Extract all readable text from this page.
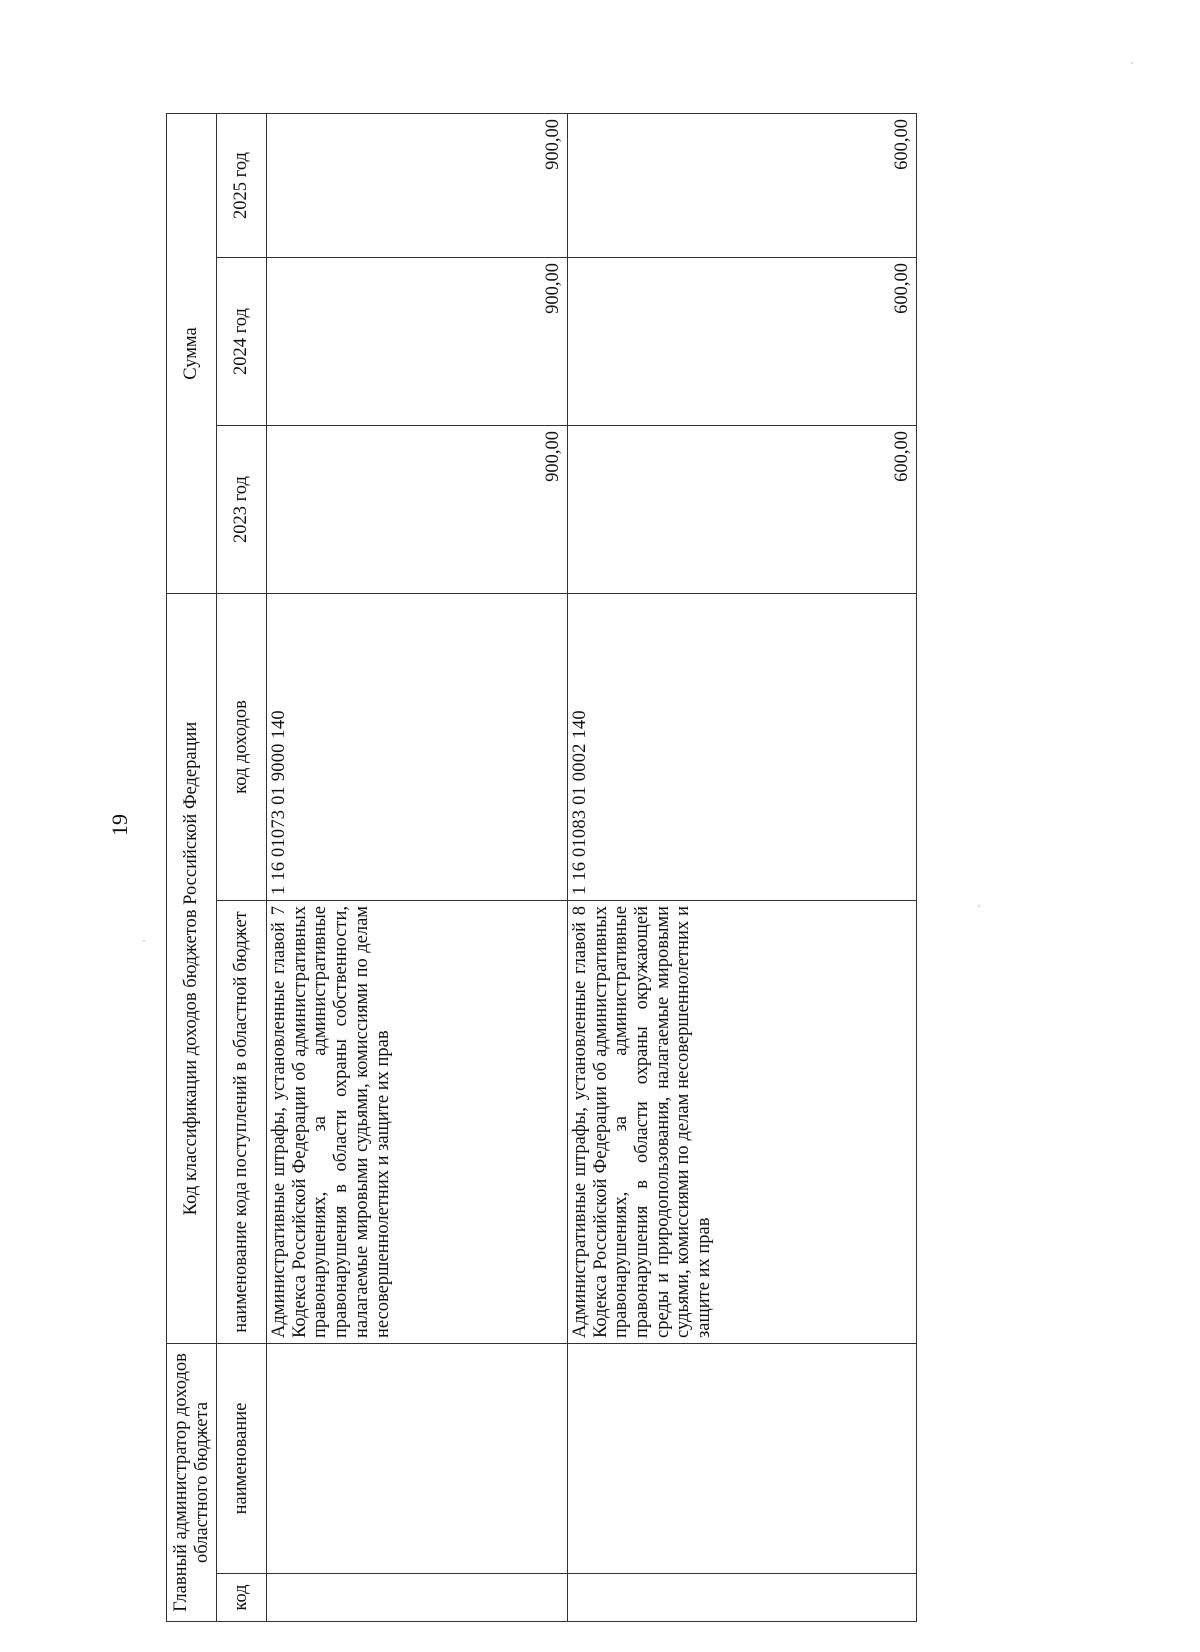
19
Главный администратор доходов областного бюджета		Код классификации доходов бюджетов Российской Федерации		Сумма		
код	наименование	наименование кода поступлений в областной бюджет	код доходов	2023 год	2024 год	2025 год

		Административные штрафы, установленные главой 7 Кодекса Российской Федерации об административных правонарушениях, за административные правонарушения в области охраны собственности, налагаемые мировыми судьями, комиссиями по делам несовершеннолетних и защите их прав	1 16 01073 01 9000 140	900,00	900,00	900,00

		Административные штрафы, установленные главой 8 Кодекса Российской Федерации об административных правонарушениях, за административные правонарушения в области охраны окружающей среды и природопользования, налагаемые мировыми судьями, комиссиями по делам несовершеннолетних и защите их прав	1 16 01083 01 0002 140	600,00	600,00	600,00
